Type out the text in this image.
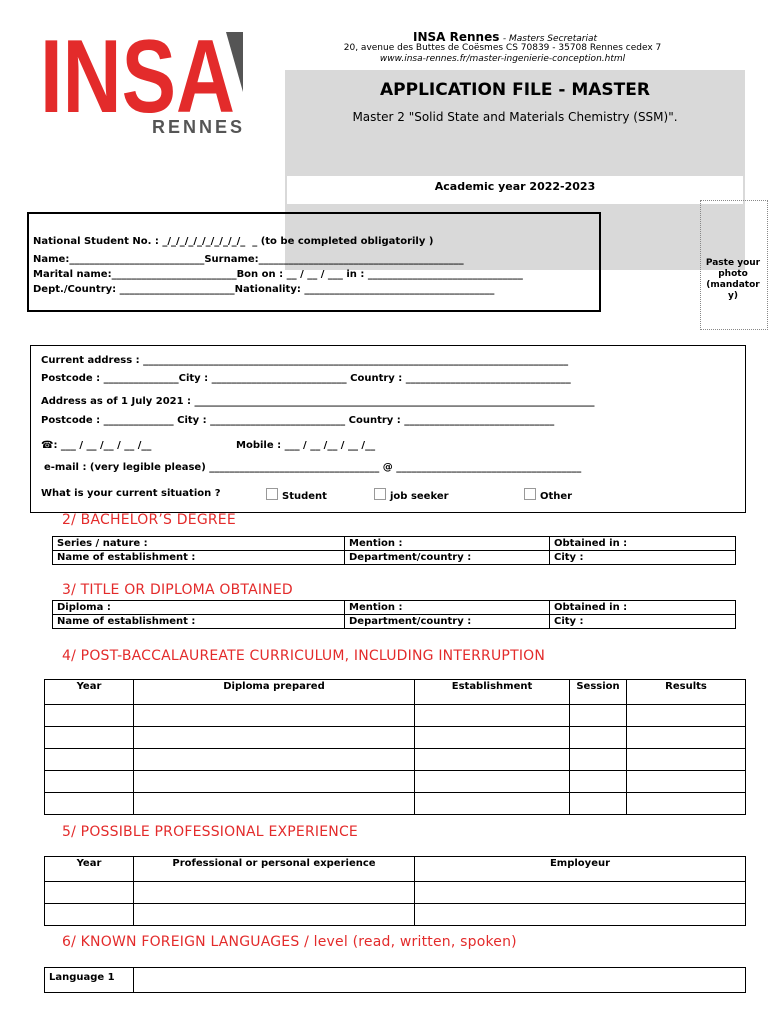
INSA
RENNES
INSA Rennes - Masters Secretariat
20, avenue des Buttes de Coësmes CS 70839 - 35708 Rennes cedex 7
www.insa-rennes.fr/master-ingenierie-conception.html
APPLICATION FILE - MASTER
Master 2 "Solid State and Materials Chemistry (SSM)".
Academic year 2022-2023
National Student No. : _/_/_/_/_/_/_/_/_/_  _ (to be completed obligatorily )
Name:___________________________Surname:_________________________________________
Marital name:_________________________Bon on : __ / __ / ___ in : _______________________________
Dept./Country: _______________________Nationality: ______________________________________
Paste your photo (mandator y)
Current address : _____________________________________________________________________________________
Postcode : _______________City : ___________________________ Country : _________________________________
Address as of 1 July 2021 : ________________________________________________________________________________
Postcode : ______________ City : ___________________________ Country : ______________________________
☎: ___ / __ /__ / __ /__	Mobile : ___ / __ /__ / __ /__
e-mail : (very legible please) __________________________________ @ _____________________________________
What is your current situation ?	Student	job seeker	Other
2/ BACHELOR’S DEGREE
Series / nature :	Mention :	Obtained in :
Name of establishment :	Department/country :	City :
3/ TITLE OR DIPLOMA OBTAINED
Diploma :	Mention :	Obtained in :
Name of establishment :	Department/country :	City :
4/ POST-BACCALAUREATE CURRICULUM, INCLUDING INTERRUPTION
Year	Diploma prepared	Establishment	Session	Results

5/ POSSIBLE PROFESSIONAL EXPERIENCE
Year	Professional or personal experience	Employeur

6/ KNOWN FOREIGN LANGUAGES / level (read, written, spoken)
Language 1	
